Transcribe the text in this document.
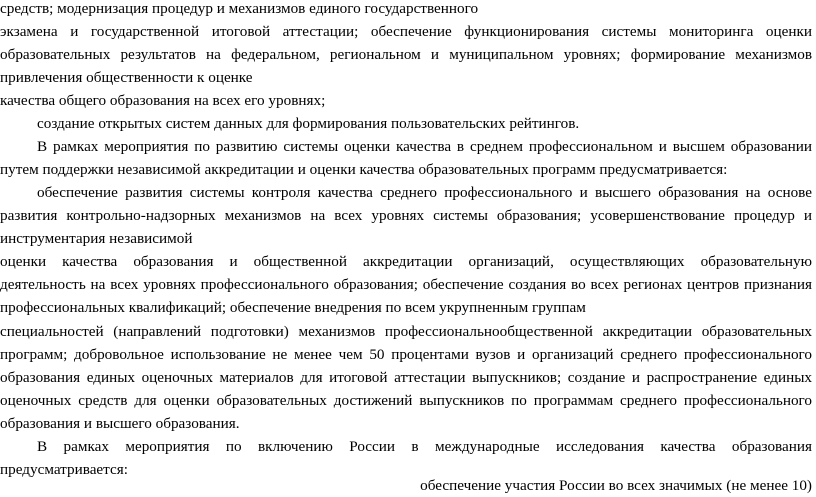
средств; модернизация процедур и механизмов единого государственного
экзамена и государственной итоговой аттестации; обеспечение функционирования системы мониторинга оценки
образовательных результатов на федеральном, региональном и муниципальном уровнях; формирование механизмов
привлечения общественности к оценке
качества общего образования на всех его уровнях;
создание открытых систем данных для формирования пользовательских рейтингов.
В рамках мероприятия по развитию системы оценки качества в среднем профессиональном и высшем образовании
путем поддержки независимой аккредитации и оценки качества образовательных программ предусматривается:
обеспечение развития системы контроля качества среднего профессионального и высшего образования на основе
развития контрольно-надзорных механизмов на всех уровнях системы образования; усовершенствование процедур и
инструментария независимой
оценки качества образования и общественной аккредитации организаций, осуществляющих образовательную
деятельность на всех уровнях профессионального образования; обеспечение создания во всех регионах центров признания
профессиональных квалификаций; обеспечение внедрения по всем укрупненным группам
специальностей (направлений подготовки) механизмов профессиональнообщественной аккредитации образовательных
программ; добровольное использование не менее чем 50 процентами вузов и организаций среднего профессионального
образования единых оценочных материалов для итоговой аттестации выпускников; создание и распространение единых
оценочных средств для оценки образовательных достижений выпускников по программам среднего профессионального
образования и высшего образования.
В рамках мероприятия по включению России в международные исследования качества образования
предусматривается:
обеспечение участия России во всех значимых (не менее 10)
